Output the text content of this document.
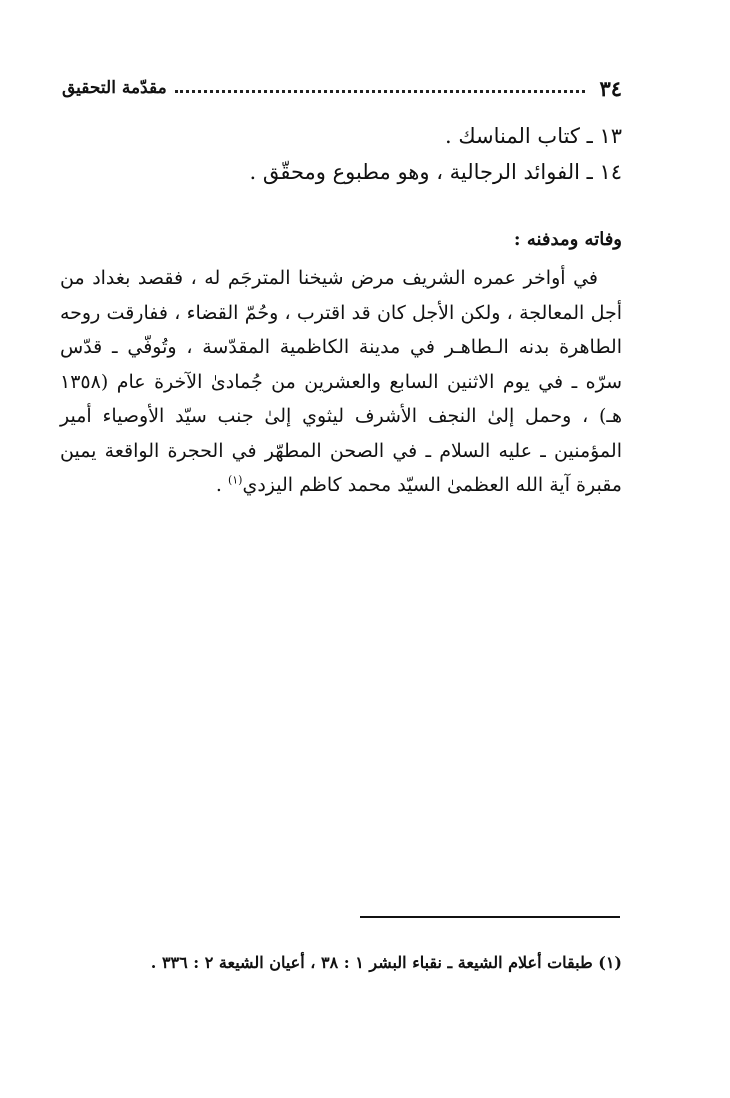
٣٤
مقدّمة التحقيق
١٣ ـ كتاب المناسك .
١٤ ـ الفوائد الرجالية ، وهو مطبوع ومحقّق .
وفاته ومدفنه :

في أواخر عمره الشريف مرض شيخنا المترجَم له ، فقصد بغداد من أجل المعالجة ، ولكن الأجل كان قد اقترب ، وحُمّ القضاء ، ففارقت روحه الطاهرة بدنه الـطاهـر في مدينة الكاظمية المقدّسة ، وتُوفّي ـ قدّس سرّه ـ في يوم الاثنين السابع والعشرين من جُمادىٰ الآخرة عام (١٣٥٨ هـ) ، وحمل إلىٰ النجف الأشرف ليثوي إلىٰ جنب سيّد الأوصياء أمير المؤمنين ـ عليه السلام ـ في الصحن المطهّر في الحجرة الواقعة يمين مقبرة آية الله العظمىٰ السيّد محمد كاظم اليزدي$^{(١)}$ .

(١) طبقات أعلام الشيعة ـ نقباء البشر ١ : ٣٨ ، أعيان الشيعة ٢ : ٣٣٦ .
